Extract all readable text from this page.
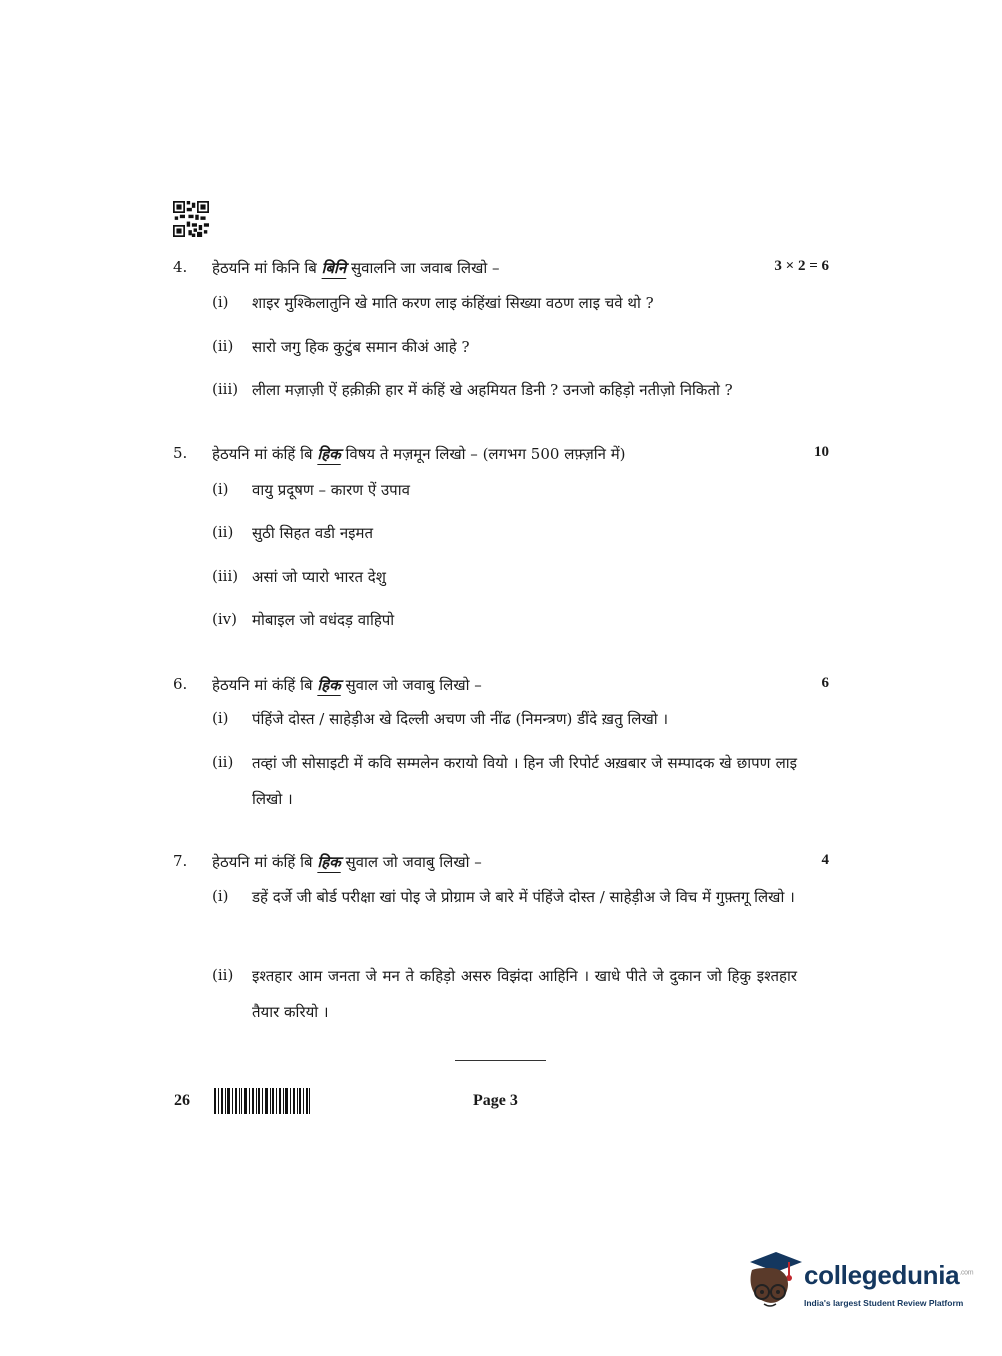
4. हेठयनि मां किनि बि बिनि सुवालनि जा जवाब लिखो –	3 × 2 = 6
(i) शाइर मुश्किलातुनि खे माति करण लाइ कंहिंखां सिख्या वठण लाइ चवे थो ?
(ii) सारो जगु हिक कुटुंब समान कीअं आहे ?
(iii) लीला मज़ाज़ी ऐं हक़ीक़ी हार में कंहिं खे अहमियत डिनी ? उनजो कहिड़ो नतीज़ो निकितो ?
5. हेठयनि मां कंहिं बि हिक विषय ते मज़मून लिखो – (लगभग 500 लफ़्ज़नि में)	10
(i) वायु प्रदूषण – कारण ऐं उपाव
(ii) सुठी सिहत वडी नइमत
(iii) असां जो प्यारो भारत देशु
(iv) मोबाइल जो वधंदड़ वाहिपो
6. हेठयनि मां कंहिं बि हिक सुवाल जो जवाबु लिखो –	6
(i) पंहिंजे दोस्त / साहेड़ीअ खे दिल्ली अचण जी नींढ (निमन्त्रण) डींदे ख़तु लिखो ।
(ii) तव्हां जी सोसाइटी में कवि सम्मलेन करायो वियो । हिन जी रिपोर्ट अख़बार जे सम्पादक खे छापण लाइ लिखो ।
7. हेठयनि मां कंहिं बि हिक सुवाल जो जवाबु लिखो –	4
(i) डहें दर्जे जी बोर्ड परीक्षा खां पोइ जे प्रोग्राम जे बारे में पंहिंजे दोस्त / साहेड़ीअ जे विच में गुफ़्तगू लिखो ।
(ii) इश्तहार आम जनता जे मन ते कहिड़ो असरु विझंदा आहिनि । खाधे पीते जे दुकान जो हिकु इश्तहार तैयार करियो ।
26	Page 3
collegedunia$^{.com}$
India's largest Student Review Platform
